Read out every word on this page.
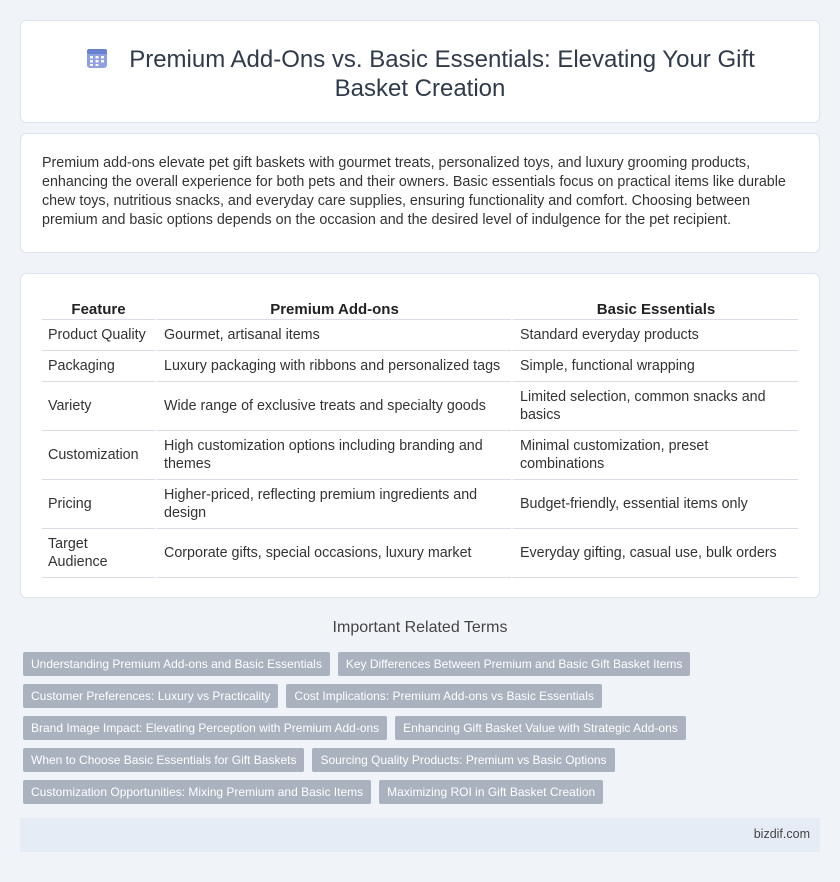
Premium Add-Ons vs. Basic Essentials: Elevating Your Gift Basket Creation

Premium add-ons elevate pet gift baskets with gourmet treats, personalized toys, and luxury grooming products, enhancing the overall experience for both pets and their owners. Basic essentials focus on practical items like durable chew toys, nutritious snacks, and everyday care supplies, ensuring functionality and comfort. Choosing between premium and basic options depends on the occasion and the desired level of indulgence for the pet recipient.

Feature	Premium Add-ons	Basic Essentials
Product Quality	Gourmet, artisanal items	Standard everyday products
Packaging	Luxury packaging with ribbons and personalized tags	Simple, functional wrapping
Variety	Wide range of exclusive treats and specialty goods	Limited selection, common snacks and basics
Customization	High customization options including branding and themes	Minimal customization, preset combinations
Pricing	Higher-priced, reflecting premium ingredients and design	Budget-friendly, essential items only
Target Audience	Corporate gifts, special occasions, luxury market	Everyday gifting, casual use, bulk orders
Important Related Terms
Understanding Premium Add-ons and Basic Essentials	Key Differences Between Premium and Basic Gift Basket Items
Customer Preferences: Luxury vs Practicality	Cost Implications: Premium Add-ons vs Basic Essentials
Brand Image Impact: Elevating Perception with Premium Add-ons	Enhancing Gift Basket Value with Strategic Add-ons
When to Choose Basic Essentials for Gift Baskets	Sourcing Quality Products: Premium vs Basic Options
Customization Opportunities: Mixing Premium and Basic Items	Maximizing ROI in Gift Basket Creation
bizdif.com
